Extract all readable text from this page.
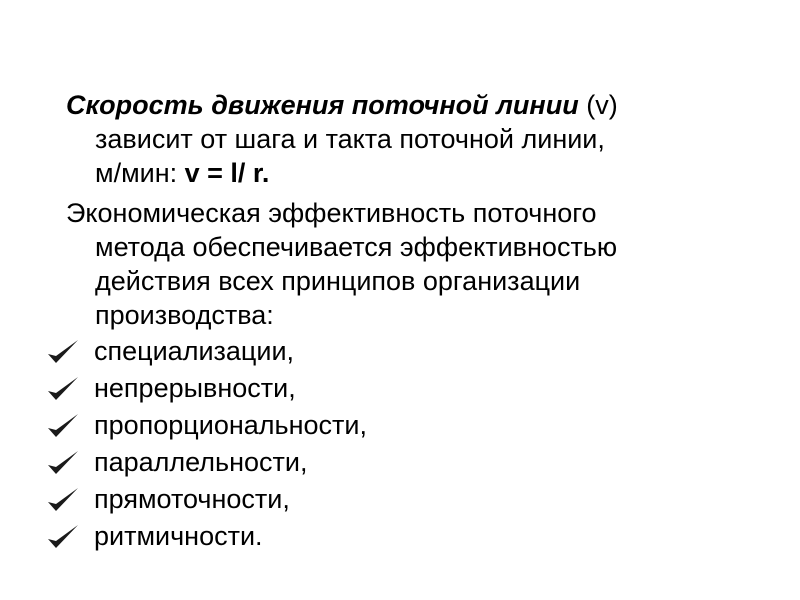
Скорость движения поточной линии (v)
зависит от шага и такта поточной линии,
м/мин: v = l/ r.
Экономическая эффективность поточного
метода обеспечивается эффективностью
действия всех принципов организации
производства:
специализации,
непрерывности,
пропорциональности,
параллельности,
прямоточности,
ритмичности.
